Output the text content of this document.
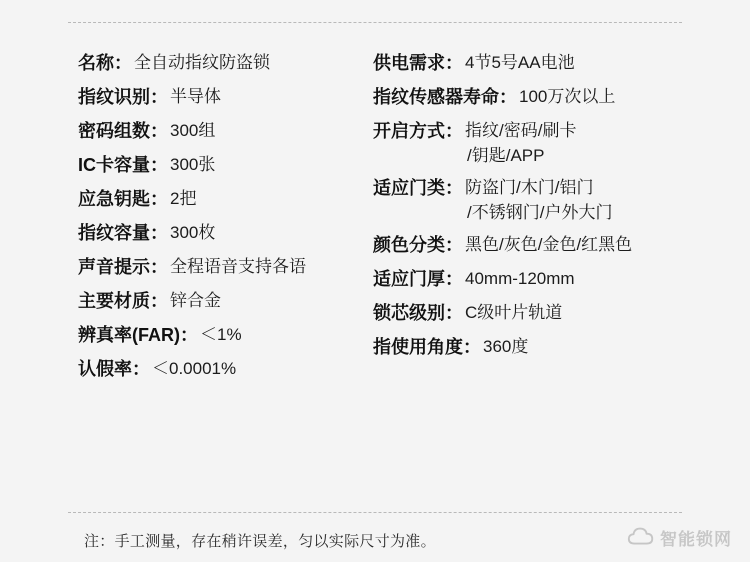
名称： 全自动指纹防盗锁
指纹识别： 半导体
密码组数： 300组
IC卡容量： 300张
应急钥匙： 2把
指纹容量： 300枚
声音提示： 全程语音支持各语
主要材质： 锌合金
辨真率(FAR)： ＜1%
认假率： ＜0.0001%
供电需求： 4节5号AA电池
指纹传感器寿命： 100万次以上
开启方式： 指纹/密码/刷卡
/钥匙/APP
适应门类： 防盗门/木门/铝门
/不锈钢门/户外大门
颜色分类： 黑色/灰色/金色/红黑色
适应门厚： 40mm-120mm
锁芯级别： C级叶片轨道
指使用角度： 360度
注：手工测量，存在稍许误差，匀以实际尺寸为准。	智能锁网
